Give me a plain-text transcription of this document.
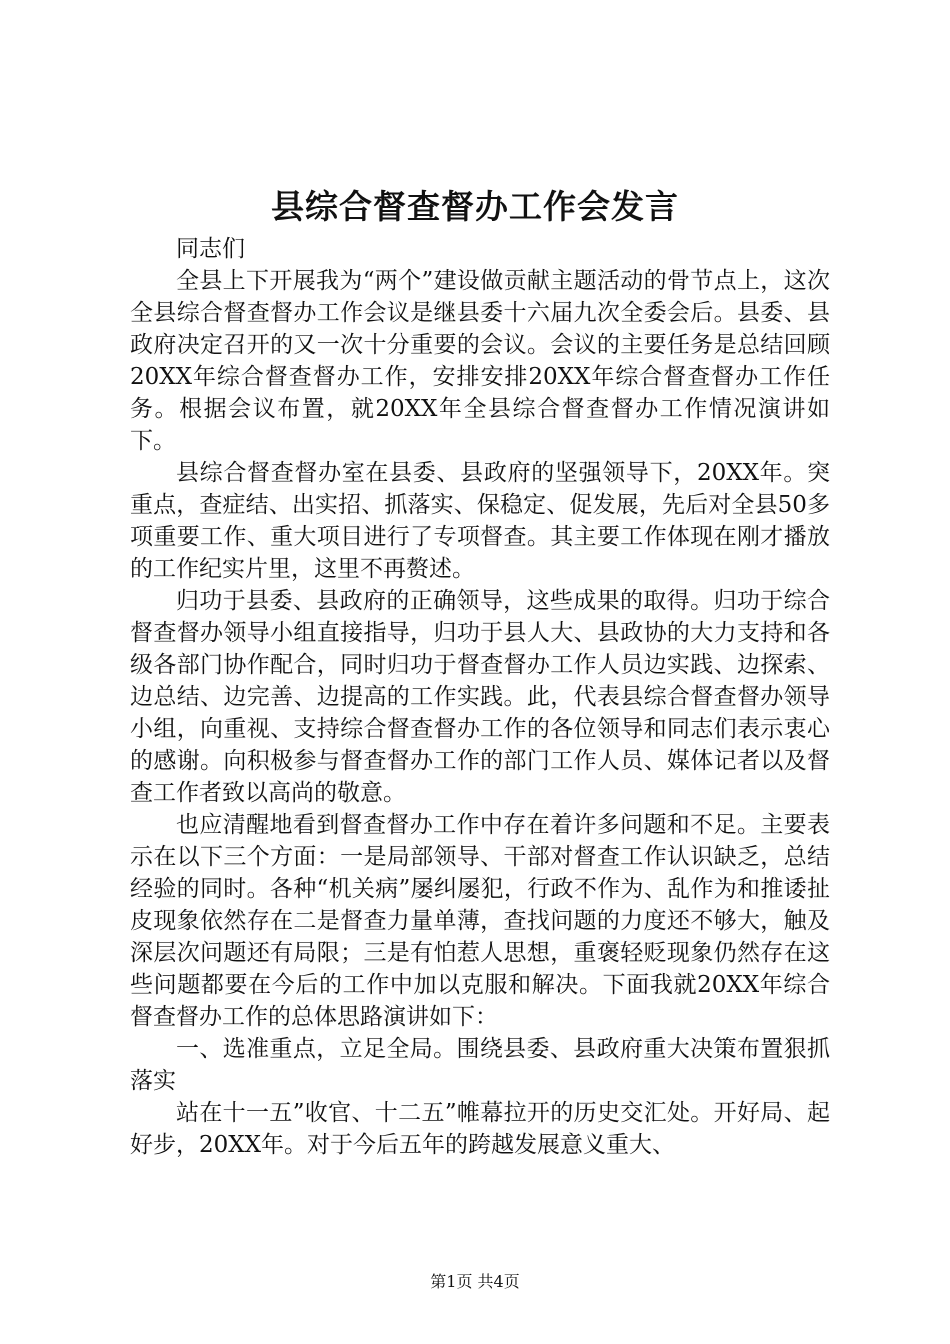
县综合督查督办工作会发言

同志们

全县上下开展我为“两个”建设做贡献主题活动的骨节点上，这次全县综合督查督办工作会议是继县委十六届九次全委会后。县委、县政府决定召开的又一次十分重要的会议。会议的主要任务是总结回顾20XX年综合督查督办工作，安排安排20XX年综合督查督办工作任务。根据会议布置，就20XX年全县综合督查督办工作情况演讲如下。

县综合督查督办室在县委、县政府的坚强领导下，20XX年。突重点，查症结、出实招、抓落实、保稳定、促发展，先后对全县50多项重要工作、重大项目进行了专项督查。其主要工作体现在刚才播放的工作纪实片里，这里不再赘述。

归功于县委、县政府的正确领导，这些成果的取得。归功于综合督查督办领导小组直接指导，归功于县人大、县政协的大力支持和各级各部门协作配合，同时归功于督查督办工作人员边实践、边探索、边总结、边完善、边提高的工作实践。此，代表县综合督查督办领导小组，向重视、支持综合督查督办工作的各位领导和同志们表示衷心的感谢。向积极参与督查督办工作的部门工作人员、媒体记者以及督查工作者致以高尚的敬意。

也应清醒地看到督查督办工作中存在着许多问题和不足。主要表示在以下三个方面：一是局部领导、干部对督查工作认识缺乏，总结经验的同时。各种“机关病”屡纠屡犯，行政不作为、乱作为和推诿扯皮现象依然存在二是督查力量单薄，查找问题的力度还不够大，触及深层次问题还有局限；三是有怕惹人思想，重褒轻贬现象仍然存在这些问题都要在今后的工作中加以克服和解决。下面我就20XX年综合督查督办工作的总体思路演讲如下：

一、选准重点，立足全局。围绕县委、县政府重大决策布置狠抓落实

站在十一五”收官、十二五”帷幕拉开的历史交汇处。开好局、起好步，20XX年。对于今后五年的跨越发展意义重大、

第1页 共4页
